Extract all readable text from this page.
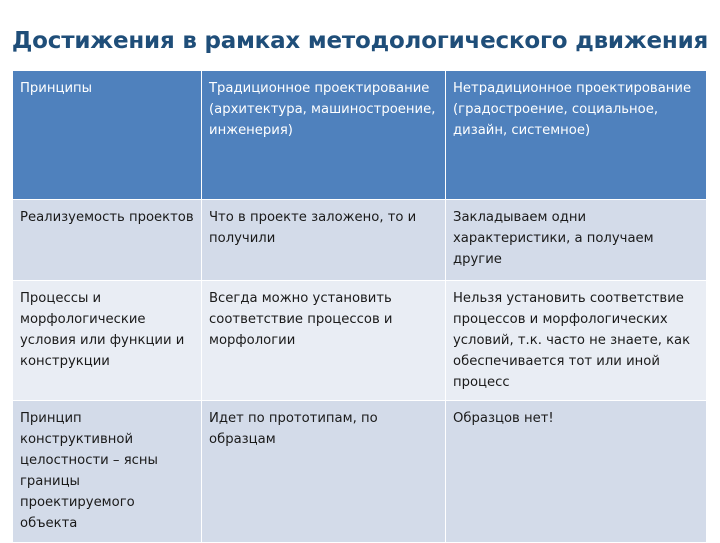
Достижения в рамках методологического движения
Принципы	Традиционное проектирование (архитектура, машиностроение, инженерия)	Нетрадиционное проектирование (градостроение, социальное, дизайн, системное)
Реализуемость проектов	Что в проекте заложено, то и получили	Закладываем одни характеристики, а получаем другие
Процессы и морфологические условия или функции и конструкции	Всегда можно установить соответствие процессов и морфологии	Нельзя установить соответствие процессов и морфологических условий, т.к. часто не знаете, как обеспечивается тот или иной процесс
Принцип конструктивной целостности – ясны границы проектируемого объекта	Идет по прототипам, по образцам	Образцов нет!
